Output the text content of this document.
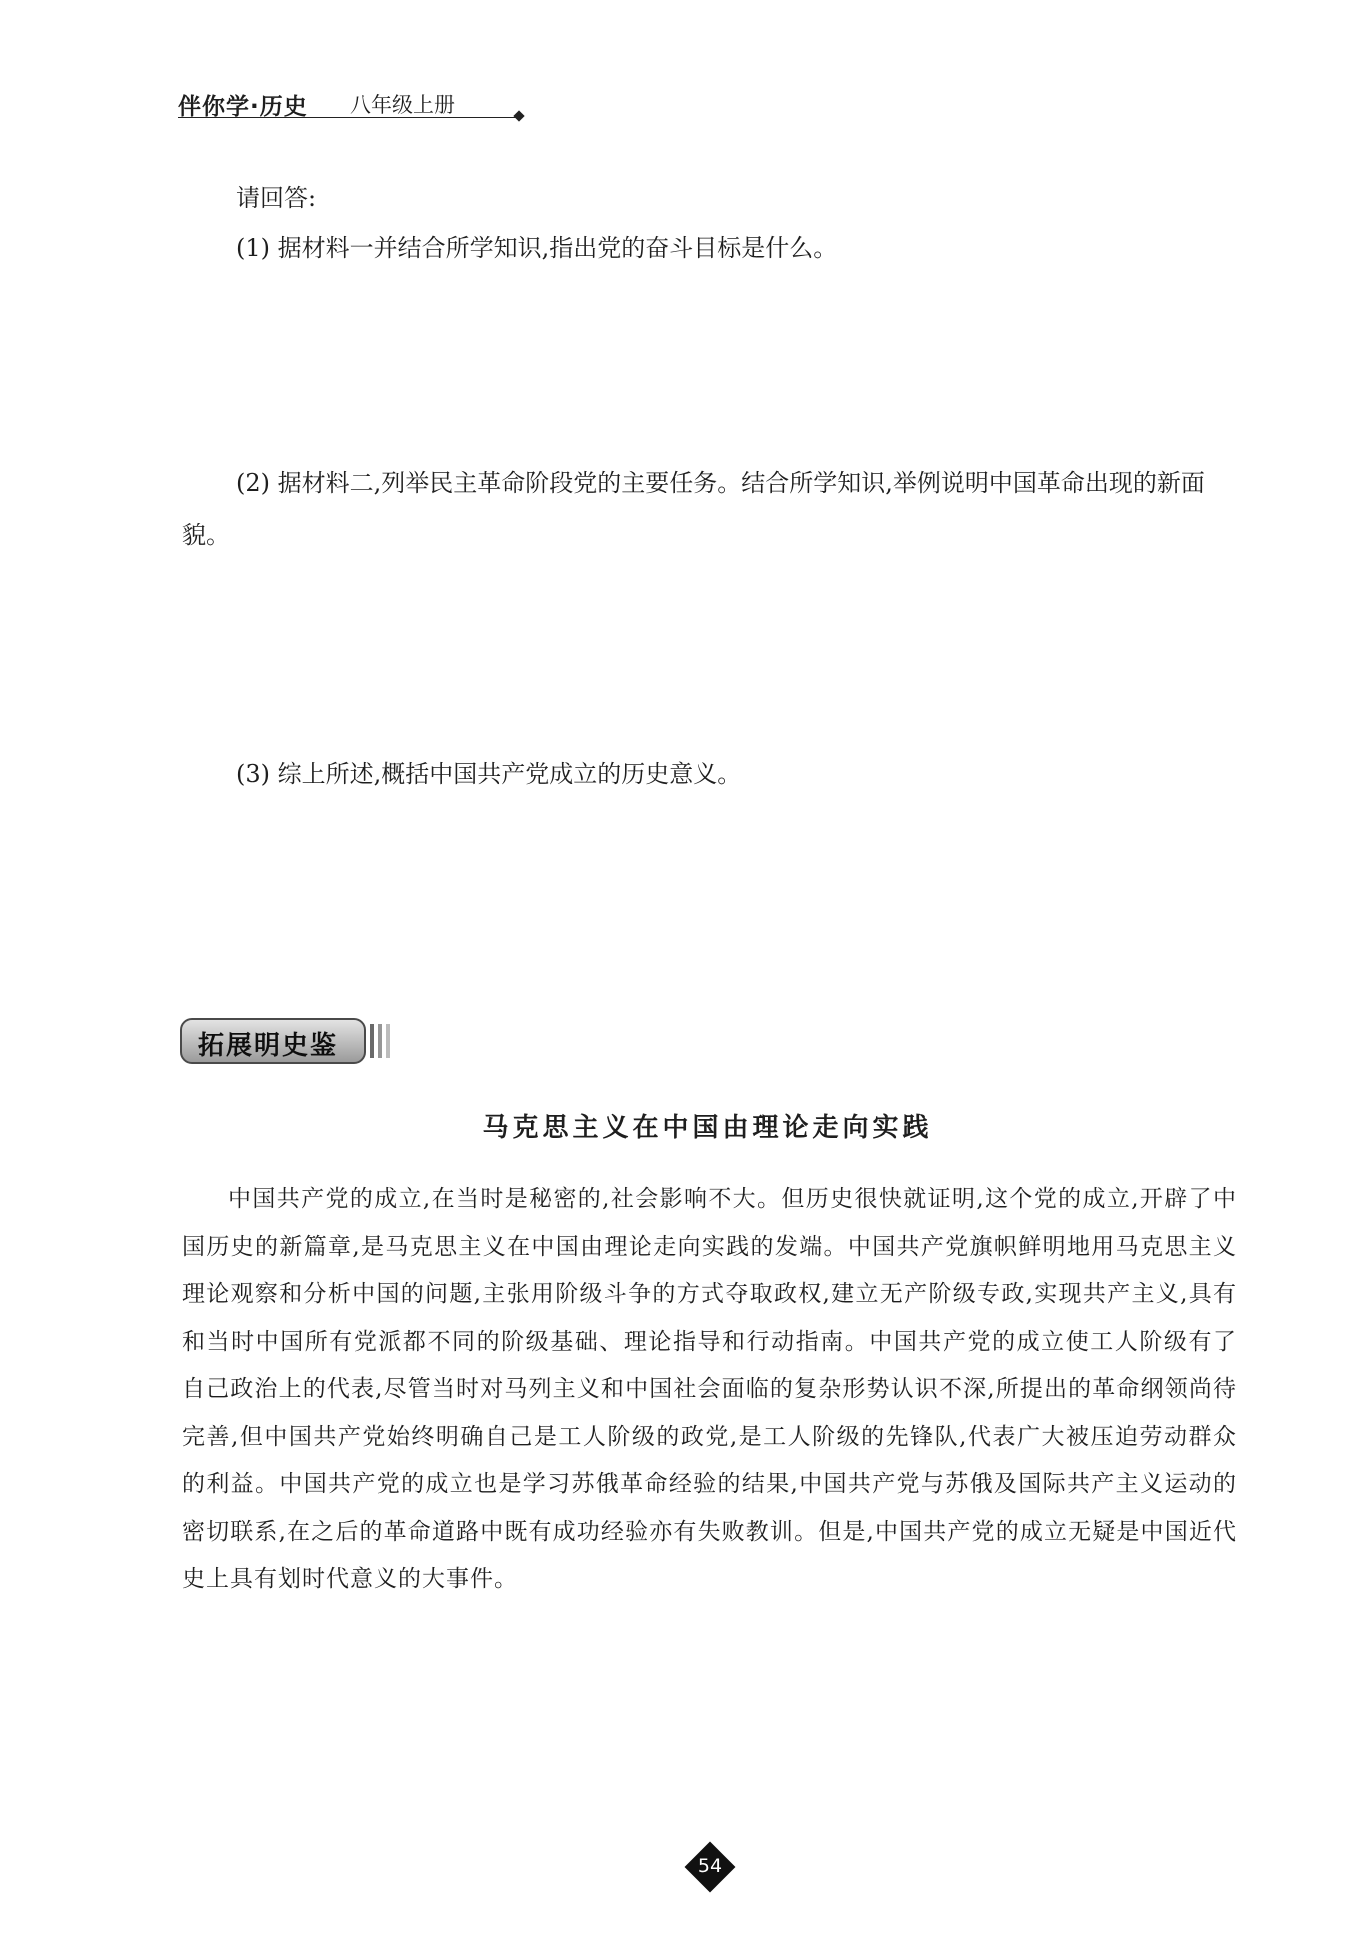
伴你学·历史 八年级上册

请回答:

(1) 据材料一并结合所学知识,指出党的奋斗目标是什么。

(2) 据材料二,列举民主革命阶段党的主要任务。结合所学知识,举例说明中国革命出现的新面貌。

(3) 综上所述,概括中国共产党成立的历史意义。

拓展明史鉴
马克思主义在中国由理论走向实践

中国共产党的成立,在当时是秘密的,社会影响不大。但历史很快就证明,这个党的成立,开辟了中国历史的新篇章,是马克思主义在中国由理论走向实践的发端。中国共产党旗帜鲜明地用马克思主义理论观察和分析中国的问题,主张用阶级斗争的方式夺取政权,建立无产阶级专政,实现共产主义,具有和当时中国所有党派都不同的阶级基础、理论指导和行动指南。中国共产党的成立使工人阶级有了自己政治上的代表,尽管当时对马列主义和中国社会面临的复杂形势认识不深,所提出的革命纲领尚待完善,但中国共产党始终明确自己是工人阶级的政党,是工人阶级的先锋队,代表广大被压迫劳动群众的利益。中国共产党的成立也是学习苏俄革命经验的结果,中国共产党与苏俄及国际共产主义运动的密切联系,在之后的革命道路中既有成功经验亦有失败教训。但是,中国共产党的成立无疑是中国近代史上具有划时代意义的大事件。

54
